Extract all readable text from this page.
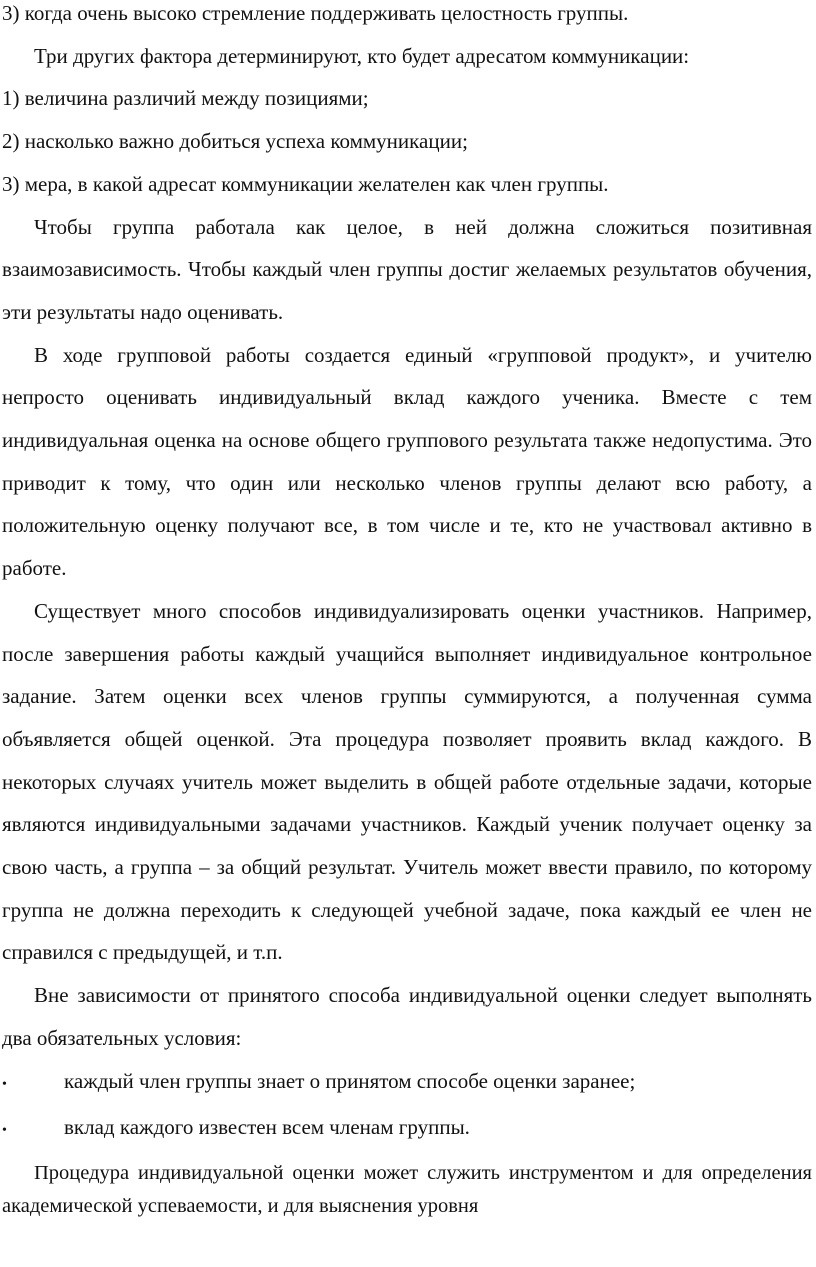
3) когда очень высоко стремление поддерживать целостность группы.

Три других фактора детерминируют, кто будет адресатом коммуникации:

1) величина различий между позициями;

2) насколько важно добиться успеха коммуникации;

3) мера, в какой адресат коммуникации желателен как член группы.

Чтобы группа работала как целое, в ней должна сложиться позитивная взаимозависимость. Чтобы каждый член группы достиг желаемых результатов обучения, эти результаты надо оценивать.

В ходе групповой работы создается единый «групповой продукт», и учителю непросто оценивать индивидуальный вклад каждого ученика. Вместе с тем индивидуальная оценка на основе общего группового результата также недопустима. Это приводит к тому, что один или несколько членов группы делают всю работу, а положительную оценку получают все, в том числе и те, кто не участвовал активно в работе.

Существует много способов индивидуализировать оценки участников. Например, после завершения работы каждый учащийся выполняет индивидуальное контрольное задание. Затем оценки всех членов группы суммируются, а полученная сумма объявляется общей оценкой. Эта процедура позволяет проявить вклад каждого. В некоторых случаях учитель может выделить в общей работе отдельные задачи, которые являются индивидуальными задачами участников. Каждый ученик получает оценку за свою часть, а группа – за общий результат. Учитель может ввести правило, по которому группа не должна переходить к следующей учебной задаче, пока каждый ее член не справился с предыдущей, и т.п.

Вне зависимости от принятого способа индивидуальной оценки следует выполнять два обязательных условия:

•	каждый член группы знает о принятом способе оценки заранее;
•	вклад каждого известен всем членам группы.

Процедура индивидуальной оценки может служить инструментом и для определения академической успеваемости, и для выяснения уровня
